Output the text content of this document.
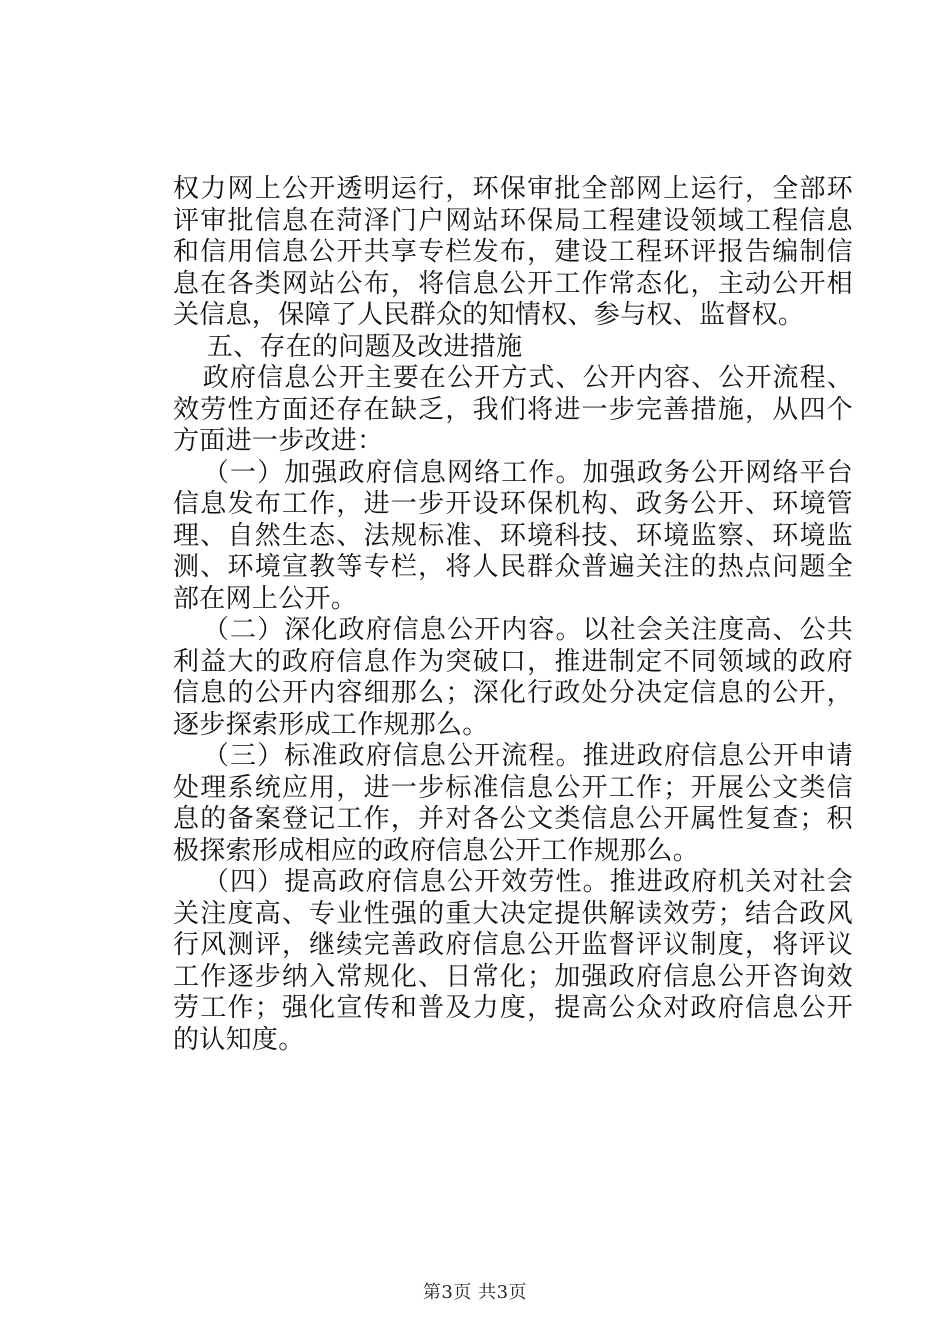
权力网上公开透明运行，环保审批全部网上运行，全部环评审批信息在菏泽门户网站环保局工程建设领域工程信息和信用信息公开共享专栏发布，建设工程环评报告编制信息在各类网站公布，将信息公开工作常态化，主动公开相关信息，保障了人民群众的知情权、参与权、监督权。

五、存在的问题及改进措施

政府信息公开主要在公开方式、公开内容、公开流程、效劳性方面还存在缺乏，我们将进一步完善措施，从四个方面进一步改进：

（一）加强政府信息网络工作。加强政务公开网络平台信息发布工作，进一步开设环保机构、政务公开、环境管理、自然生态、法规标准、环境科技、环境监察、环境监测、环境宣教等专栏，将人民群众普遍关注的热点问题全部在网上公开。

（二）深化政府信息公开内容。以社会关注度高、公共利益大的政府信息作为突破口，推进制定不同领域的政府信息的公开内容细那么；深化行政处分决定信息的公开，逐步探索形成工作规那么。

（三）标准政府信息公开流程。推进政府信息公开申请处理系统应用，进一步标准信息公开工作；开展公文类信息的备案登记工作，并对各公文类信息公开属性复查；积极探索形成相应的政府信息公开工作规那么。

（四）提高政府信息公开效劳性。推进政府机关对社会关注度高、专业性强的重大决定提供解读效劳；结合政风行风测评，继续完善政府信息公开监督评议制度，将评议工作逐步纳入常规化、日常化；加强政府信息公开咨询效劳工作；强化宣传和普及力度，提高公众对政府信息公开的认知度。

第3页 共3页
